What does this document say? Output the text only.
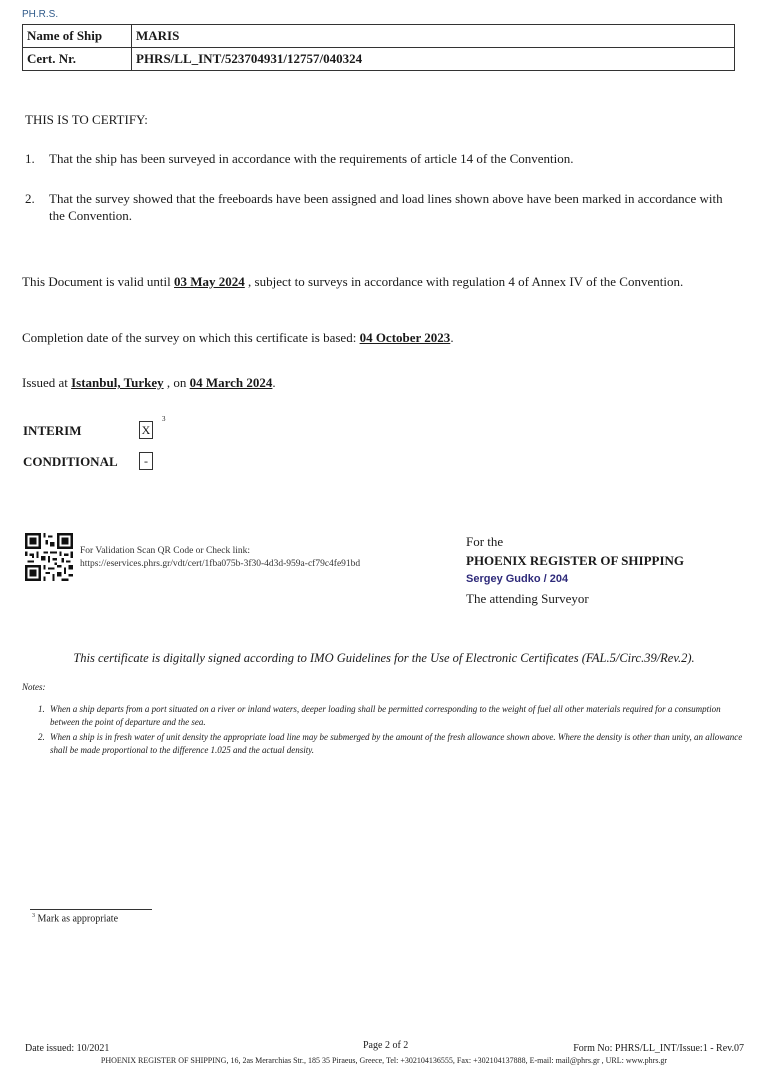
PH.R.S.
Name of Ship	MARIS
Cert. Nr.	PHRS/LL_INT/523704931/12757/040324
THIS IS TO CERTIFY:
1. That the ship has been surveyed in accordance with the requirements of article 14 of the Convention.
2. That the survey showed that the freeboards have been assigned and load lines shown above have been marked in accordance with the Convention.
This Document is valid until 03 May 2024 , subject to surveys in accordance with regulation 4 of Annex IV of the Convention.
Completion date of the survey on which this certificate is based: 04 October 2023.
Issued at Istanbul, Turkey , on 04 March 2024.
INTERIM	X
3
CONDITIONAL	-
For Validation Scan QR Code or Check link:
https://eservices.phrs.gr/vdt/cert/1fba075b-3f30-4d3d-959a-cf79c4fe91bd
For the
PHOENIX REGISTER OF SHIPPING
Sergey Gudko / 204
The attending Surveyor
This certificate is digitally signed according to IMO Guidelines for the Use of Electronic Certificates (FAL.5/Circ.39/Rev.2).
Notes:
1. When a ship departs from a port situated on a river or inland waters, deeper loading shall be permitted corresponding to the weight of fuel all other materials required for a consumption between the point of departure and the sea.
2. When a ship is in fresh water of unit density the appropriate load line may be submerged by the amount of the fresh allowance shown above. Where the density is other than unity, an allowance shall be made proportional to the difference 1.025 and the actual density.
$^3$ Mark as appropriate
Date issued: 10/2021	Page 2 of 2	Form No: PHRS/LL_INT/Issue:1 - Rev.07
PHOENIX REGISTER OF SHIPPING, 16, 2as Merarchias Str., 185 35 Piraeus, Greece, Tel: +302104136555, Fax: +302104137888, E-mail: mail@phrs.gr , URL: www.phrs.gr
